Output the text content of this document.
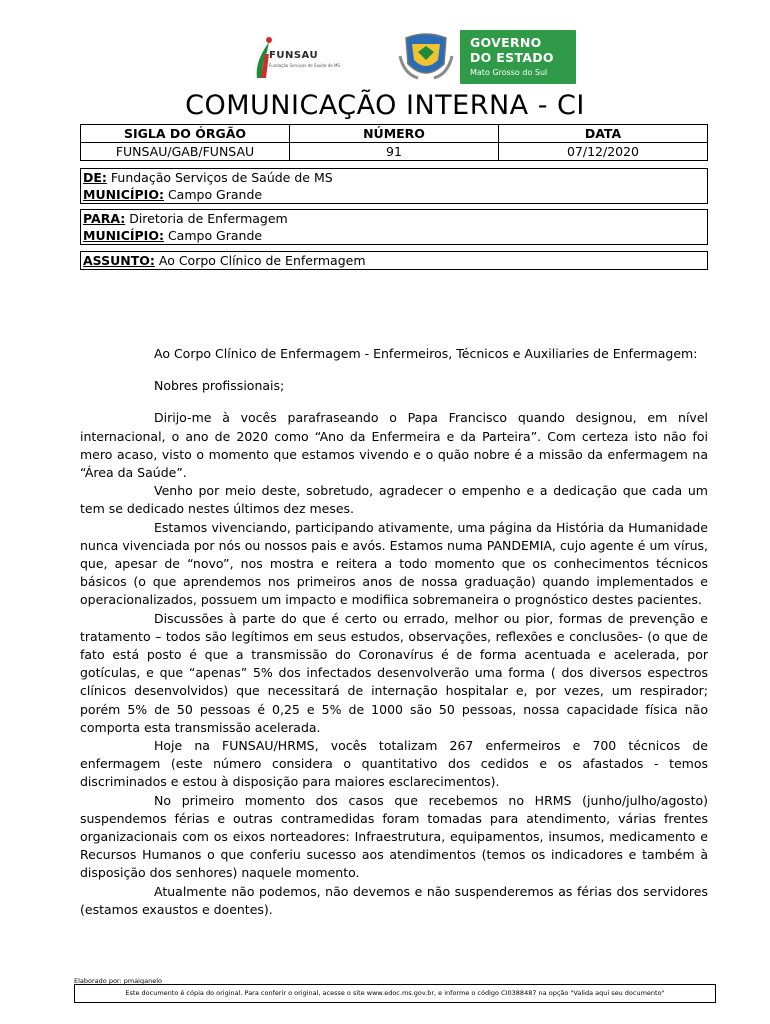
FUNSAU
Fundação Serviços de Saúde de MS
GOVERNO
DO ESTADO
Mato Grosso do Sul
COMUNICAÇÃO INTERNA - CI
SIGLA DO ÓRGÃO	NÚMERO	DATA
FUNSAU/GAB/FUNSAU	91	07/12/2020
DE: Fundação Serviços de Saúde de MS
MUNICÍPIO: Campo Grande
PARA: Diretoria de Enfermagem
MUNICÍPIO: Campo Grande
ASSUNTO: Ao Corpo Clínico de Enfermagem

Ao Corpo Clínico de Enfermagem - Enfermeiros, Técnicos e Auxiliaries de Enfermagem:

Nobres profissionais;

Dirijo-me à vocês parafraseando o Papa Francisco quando designou, em nível internacional, o ano de 2020 como “Ano da Enfermeira e da Parteira”. Com certeza isto não foi mero acaso, visto o momento que estamos vivendo e o quão nobre é a missão da enfermagem na “Área da Saúde”.

Venho por meio deste, sobretudo, agradecer o empenho e a dedicação que cada um tem se dedicado nestes últimos dez meses.

Estamos vivenciando, participando ativamente, uma página da História da Humanidade nunca vivenciada por nós ou nossos pais e avós. Estamos numa PANDEMIA, cujo agente é um vírus, que, apesar de “novo”, nos mostra e reitera a todo momento que os conhecimentos técnicos básicos (o que aprendemos nos primeiros anos de nossa graduação) quando implementados e operacionalizados, possuem um impacto e modifiica sobremaneira o prognóstico destes pacientes.

Discussões à parte do que é certo ou errado, melhor ou pior, formas de prevenção e tratamento – todos são legítimos em seus estudos, observações, reflexões e conclusões- (o que de fato está posto é que a transmissão do Coronavírus é de forma acentuada e acelerada, por gotículas, e que “apenas” 5% dos infectados desenvolverão uma forma ( dos diversos espectros clínicos desenvolvidos) que necessitará de internação hospitalar e, por vezes, um respirador; porém 5% de 50 pessoas é 0,25 e 5% de 1000 são 50 pessoas, nossa capacidade física não comporta esta transmissão acelerada.

Hoje na FUNSAU/HRMS, vocês totalizam 267 enfermeiros e 700 técnicos de enfermagem (este número considera o quantitativo dos cedidos e os afastados - temos discriminados e estou à disposição para maiores esclarecimentos).

No primeiro momento dos casos que recebemos no HRMS (junho/julho/agosto) suspendemos férias e outras contramedidas foram tomadas para atendimento, várias frentes organizacionais com os eixos norteadores: Infraestrutura, equipamentos, insumos, medicamento e Recursos Humanos o que conferiu sucesso aos atendimentos (temos os indicadores e também à disposição dos senhores) naquele momento.

Atualmente não podemos, não devemos e não suspenderemos as férias dos servidores (estamos exaustos e doentes).

Elaborado por: pmaiganelo
Este documento é cópia do original. Para conferir o original, acesse o site www.edoc.ms.gov.br, e informe o código CI0388487 na opção "Valida aqui seu documento"
